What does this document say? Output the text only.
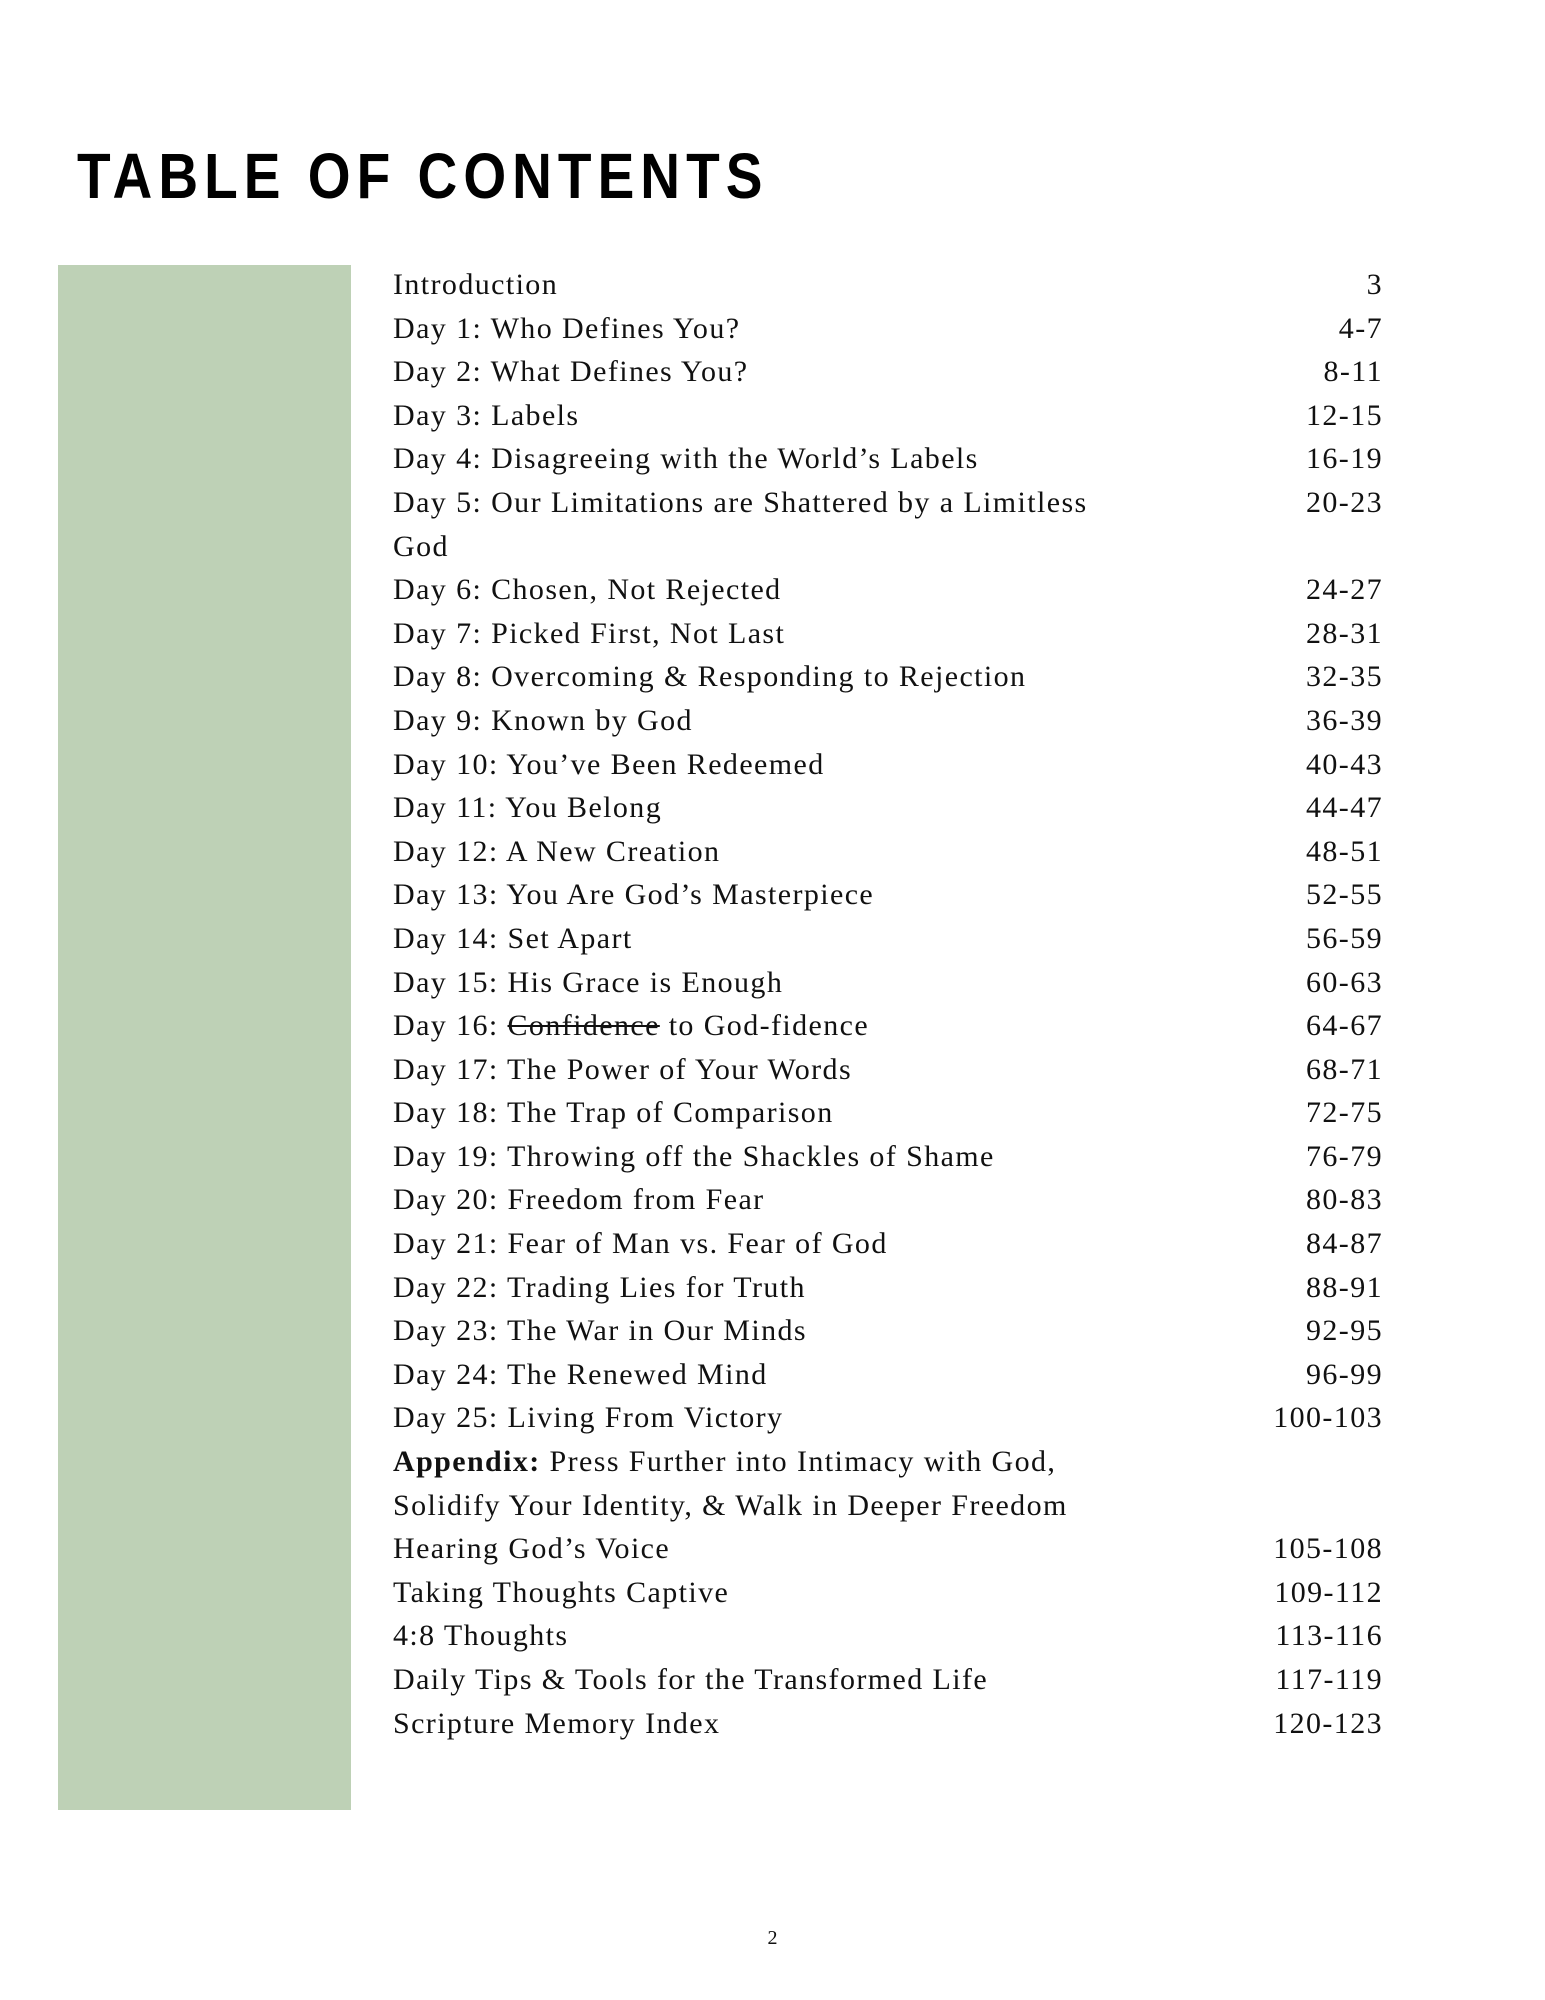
TABLE OF CONTENTS
Introduction	3
Day 1: Who Defines You?	4-7
Day 2: What Defines You?	8-11
Day 3: Labels	12-15
Day 4: Disagreeing with the World’s Labels	16-19
Day 5: Our Limitations are Shattered by a Limitless God
20-23
Day 6: Chosen, Not Rejected	24-27
Day 7: Picked First, Not Last	28-31
Day 8: Overcoming & Responding to Rejection	32-35
Day 9: Known by God	36-39
Day 10: You’ve Been Redeemed	40-43
Day 11: You Belong	44-47
Day 12: A New Creation	48-51
Day 13: You Are God’s Masterpiece	52-55
Day 14: Set Apart	56-59
Day 15: His Grace is Enough	60-63
Day 16: Confidence to God-fidence	64-67
Day 17: The Power of Your Words	68-71
Day 18: The Trap of Comparison	72-75
Day 19: Throwing off the Shackles of Shame	76-79
Day 20: Freedom from Fear	80-83
Day 21: Fear of Man vs. Fear of God	84-87
Day 22: Trading Lies for Truth	88-91
Day 23: The War in Our Minds	92-95
Day 24: The Renewed Mind	96-99
Day 25: Living From Victory	100-103
Appendix: Press Further into Intimacy with God, Solidify Your Identity, & Walk in Deeper Freedom
Hearing God’s Voice	105-108
Taking Thoughts Captive	109-112
4:8 Thoughts	113-116
Daily Tips & Tools for the Transformed Life	117-119
Scripture Memory Index	120-123
2
